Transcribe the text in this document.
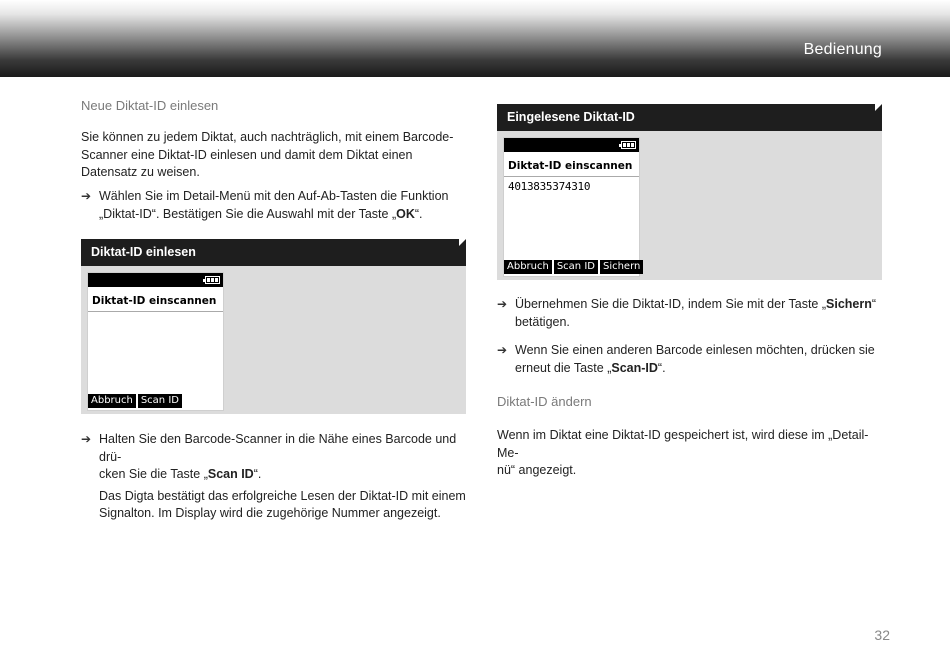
Bedienung
Neue Diktat-ID einlesen
Sie können zu jedem Diktat, auch nachträglich, mit einem Barcode-Scanner eine Diktat-ID einlesen und damit dem Diktat einen Datensatz zu weisen.
➔ Wählen Sie im Detail-Menü mit den Auf-Ab-Tasten die Funktion
„Diktat-ID“. Bestätigen Sie die Auswahl mit der Taste „OK“.
Diktat-ID einlesen
Diktat-ID einscannen
Abbruch Scan ID
➔ Halten Sie den Barcode-Scanner in die Nähe eines Barcode und drü-
cken Sie die Taste „Scan ID“.
Das Digta bestätigt das erfolgreiche Lesen der Diktat-ID mit einem
Signalton. Im Display wird die zugehörige Nummer angezeigt.
Eingelesene Diktat-ID
Diktat-ID einscannen
4013835374310
Abbruch Scan ID Sichern
➔ Übernehmen Sie die Diktat-ID, indem Sie mit der Taste „Sichern“
betätigen.
➔ Wenn Sie einen anderen Barcode einlesen möchten, drücken sie
erneut die Taste „Scan-ID“.
Diktat-ID ändern
Wenn im Diktat eine Diktat-ID gespeichert ist, wird diese im „Detail-Me-
nü“ angezeigt.
32
